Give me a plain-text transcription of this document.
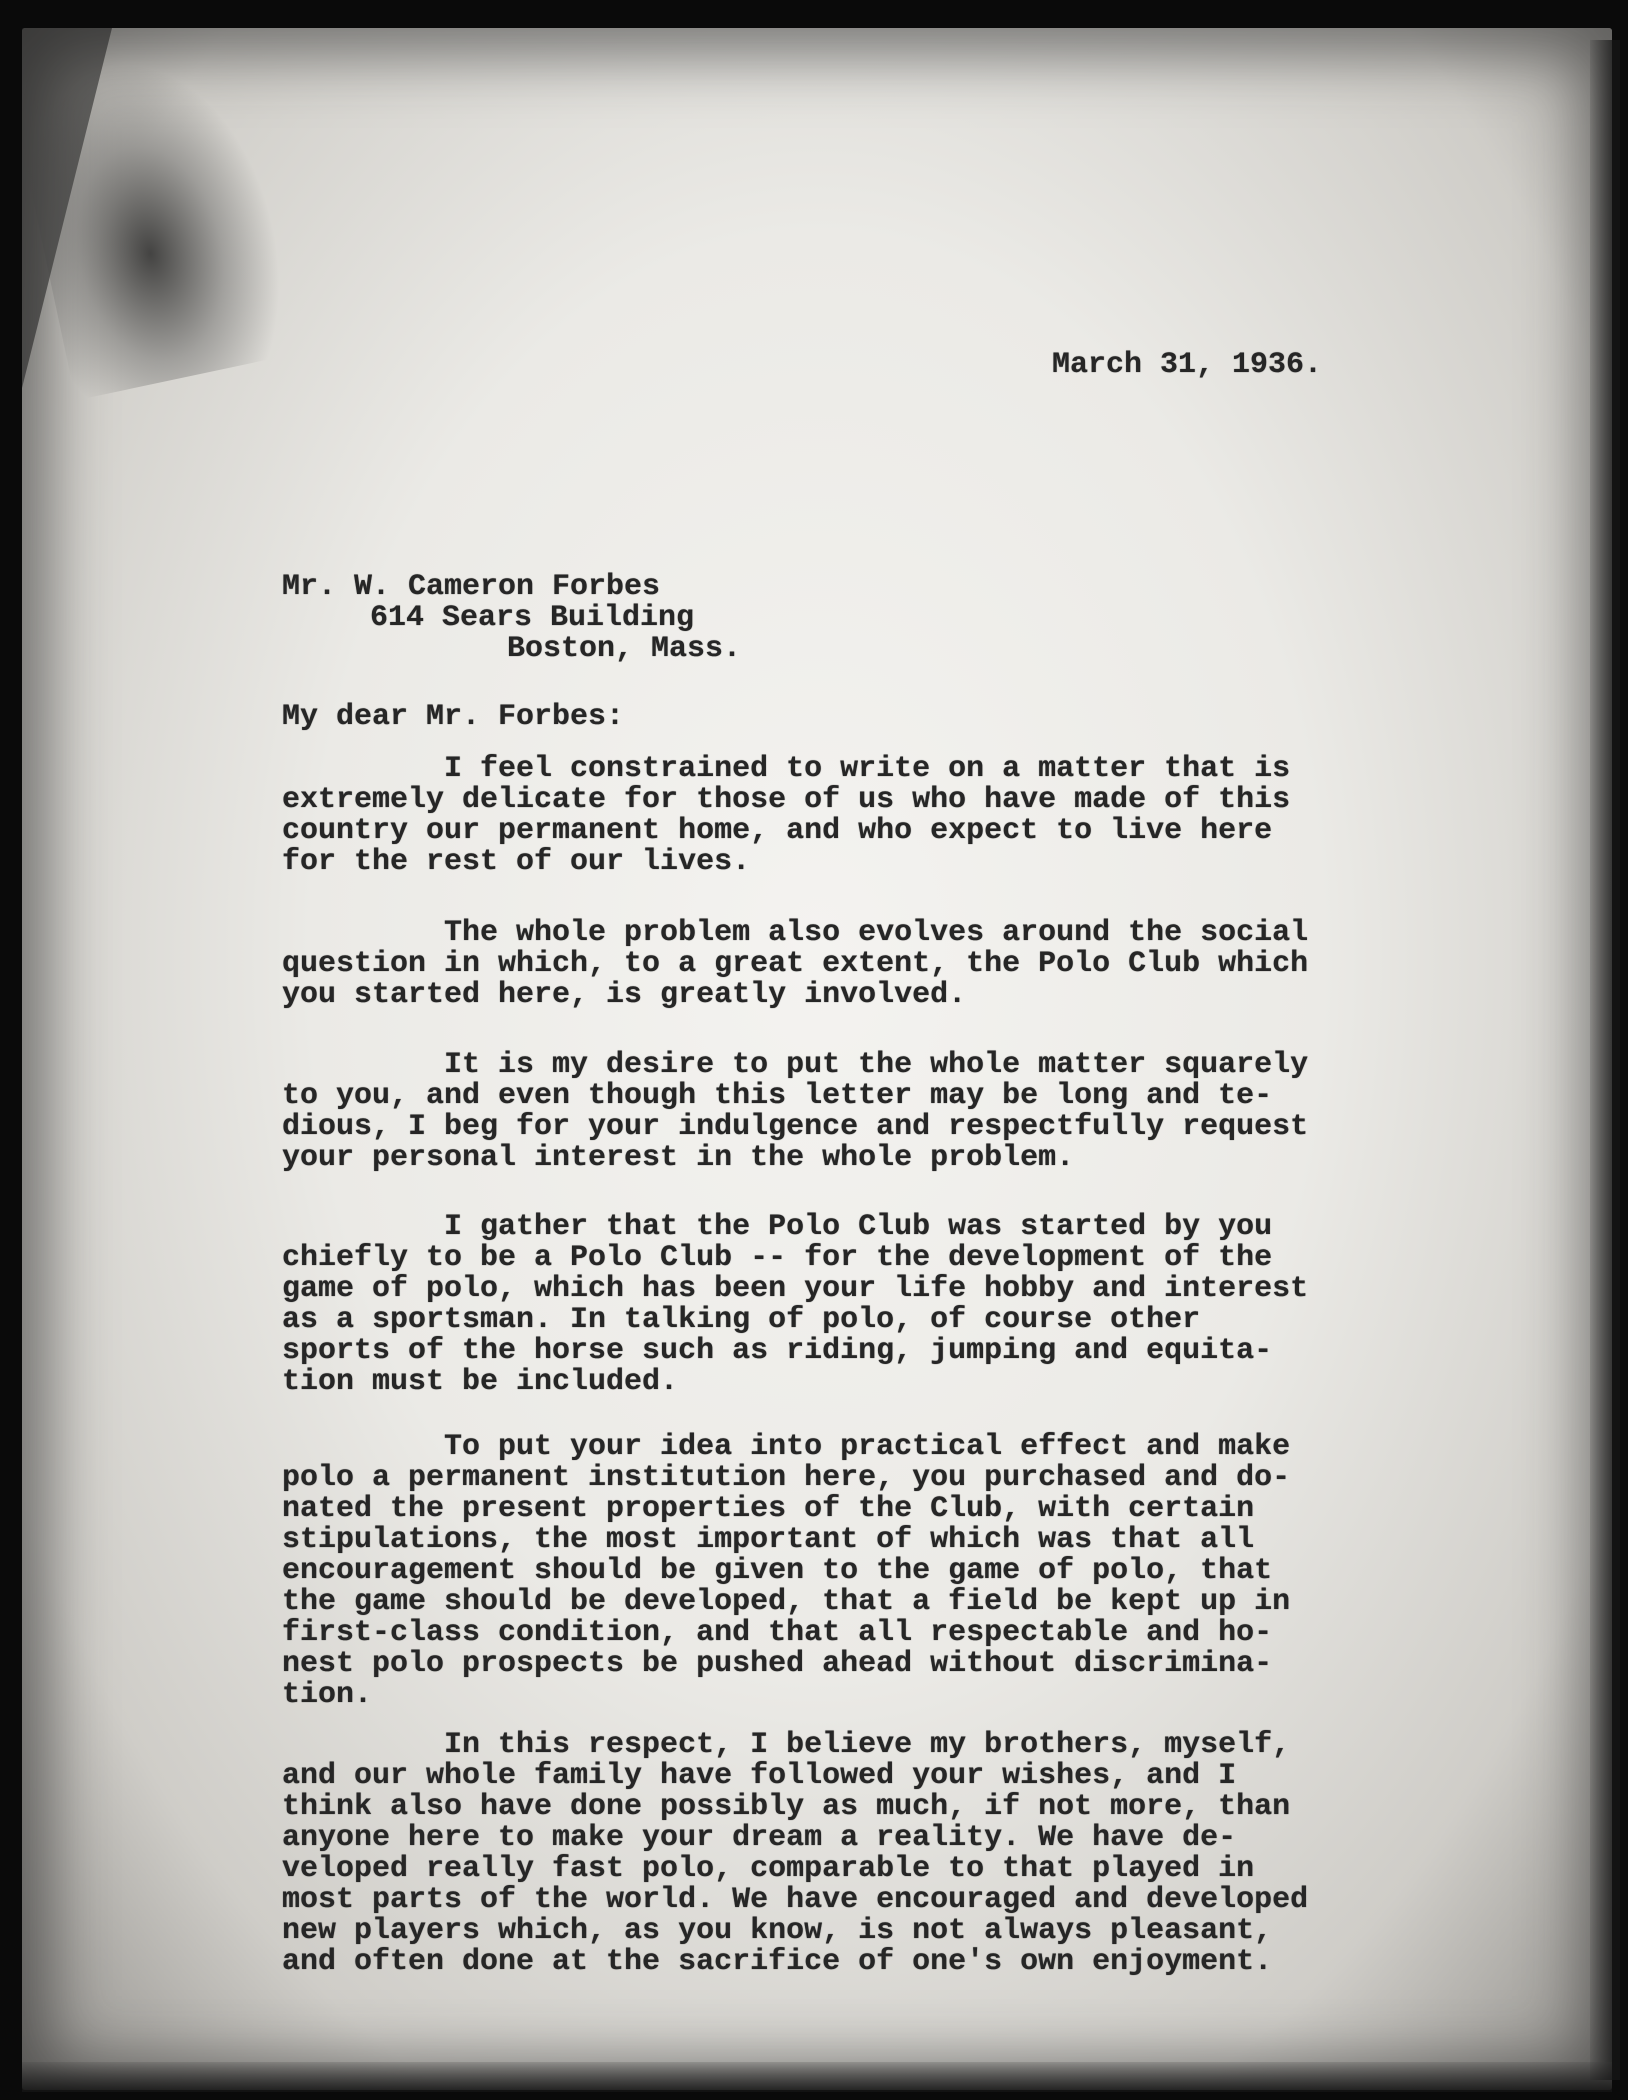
March 31, 1936.
Mr. W. Cameron Forbes
614 Sears Building
Boston, Mass.
My dear Mr. Forbes:
I feel constrained to write on a matter that is
extremely delicate for those of us who have made of this
country our permanent home, and who expect to live here
for the rest of our lives.
The whole problem also evolves around the social
question in which, to a great extent, the Polo Club which
you started here, is greatly involved.
It is my desire to put the whole matter squarely
to you, and even though this letter may be long and te-
dious, I beg for your indulgence and respectfully request
your personal interest in the whole problem.
I gather that the Polo Club was started by you
chiefly to be a Polo Club -- for the development of the
game of polo, which has been your life hobby and interest
as a sportsman. In talking of polo, of course other
sports of the horse such as riding, jumping and equita-
tion must be included.
To put your idea into practical effect and make
polo a permanent institution here, you purchased and do-
nated the present properties of the Club, with certain
stipulations, the most important of which was that all
encouragement should be given to the game of polo, that
the game should be developed, that a field be kept up in
first-class condition, and that all respectable and ho-
nest polo prospects be pushed ahead without discrimina-
tion.
In this respect, I believe my brothers, myself,
and our whole family have followed your wishes, and I
think also have done possibly as much, if not more, than
anyone here to make your dream a reality. We have de-
veloped really fast polo, comparable to that played in
most parts of the world. We have encouraged and developed
new players which, as you know, is not always pleasant,
and often done at the sacrifice of one's own enjoyment.
